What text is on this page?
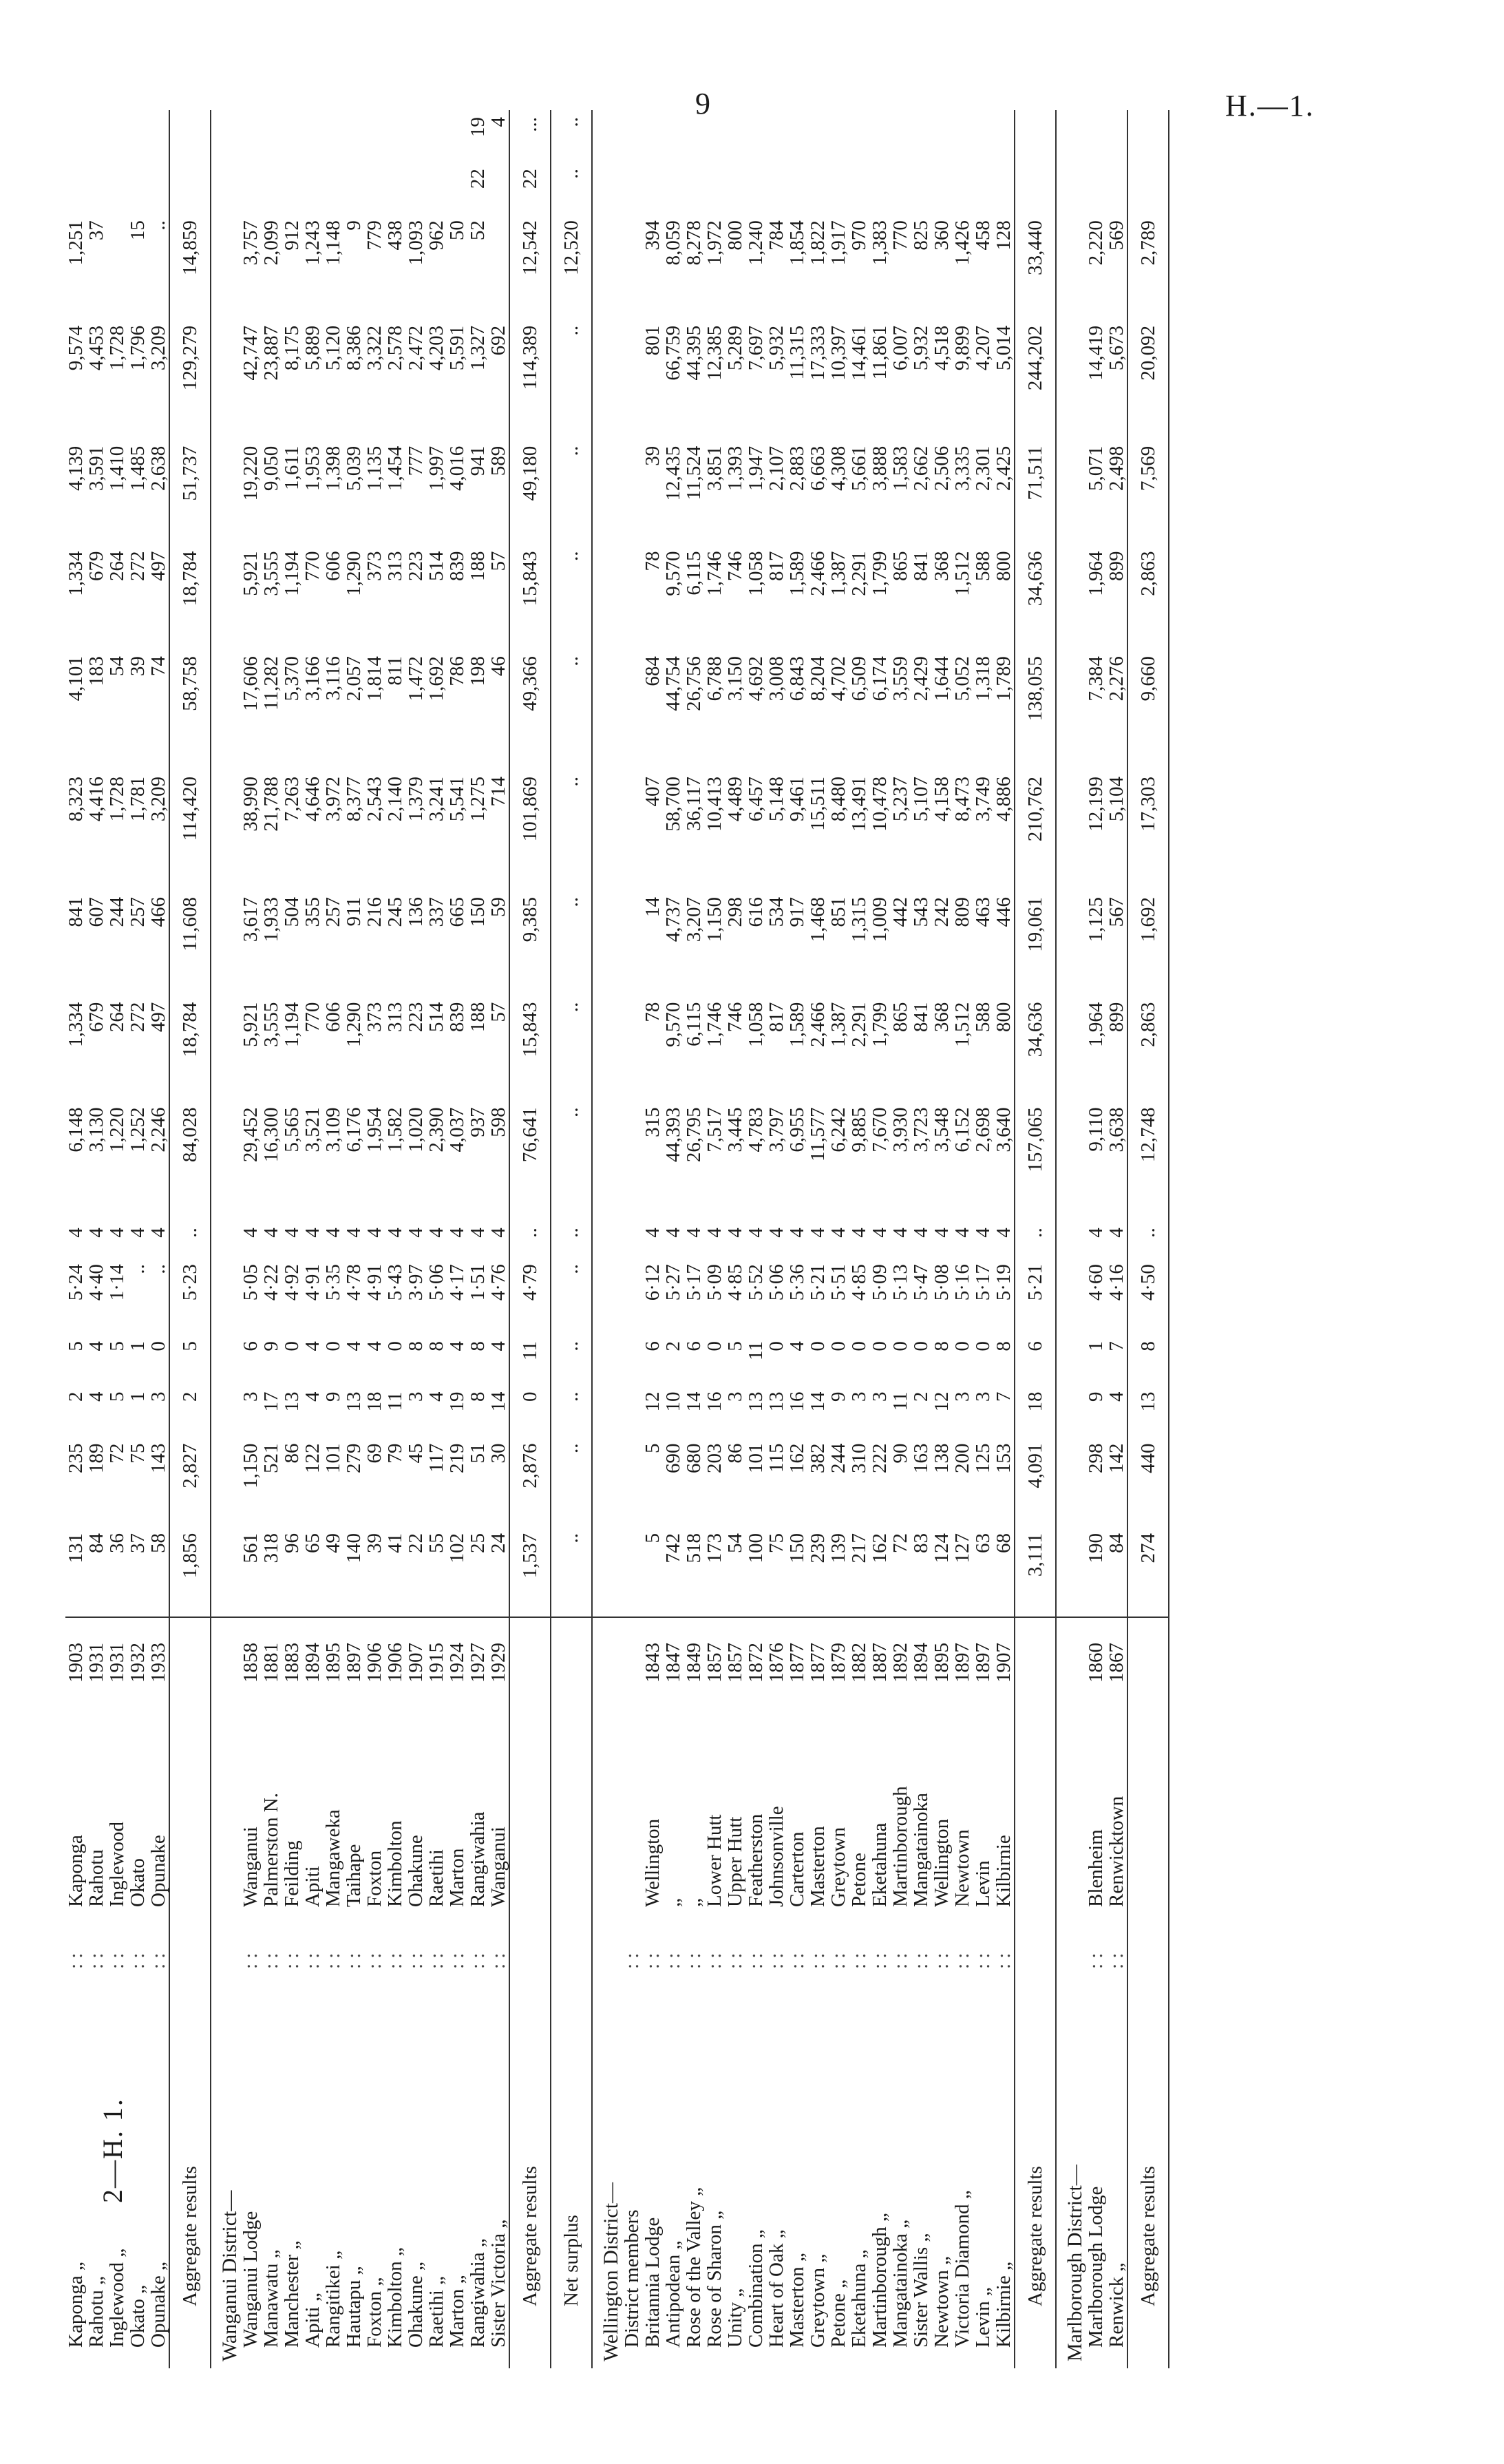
9	H.—1.
2—H. 1.
Kapongа „	: :	Kaponga	1903	131	235	2	5	5·24	4	6,148	1,334	841	8,323	4,101	1,334	4,139	9,574	1,251		
Rahotu „	: :	Rahotu	1931	84	189	4	4	4·40	4	3,130	679	607	4,416	183	679	3,591	4,453	37		
Inglewood „	: :	Inglewood	1931	36	72	5	5	1·14	4	1,220	264	244	1,728	54	264	1,410	1,728			
Okato „	: :	Okato	1932	37	75	1	1	..	4	1,252	272	257	1,781	39	272	1,485	1,796	15		
Opunake „	: :	Opunake	1933	58	143	3	0	..	4	2,246	497	466	3,209	74	497	2,638	3,209	..		
Aggregate results				1,856	2,827	2	5	5·23	..	84,028	18,784	11,608	114,420	58,758	18,784	51,737	129,279	14,859		
Wanganui District—																				
Wanganui Lodge	: :	Wanganui	1858	561	1,150	3	6	5·05	4	29,452	5,921	3,617	38,990	17,606	5,921	19,220	42,747	3,757		
Manawatu „	: :	Palmerston N.	1881	318	521	17	9	4·22	4	16,300	3,555	1,933	21,788	11,282	3,555	9,050	23,887	2,099		
Manchester „	: :	Feilding	1883	96	86	13	0	4·92	4	5,565	1,194	504	7,263	5,370	1,194	1,611	8,175	912		
Apiti „	: :	Apiti	1894	65	122	4	4	4·91	4	3,521	770	355	4,646	3,166	770	1,953	5,889	1,243		
Rangitikei „	: :	Mangaweka	1895	49	101	9	0	5·35	4	3,109	606	257	3,972	3,116	606	1,398	5,120	1,148		
Hautapu „	: :	Taihape	1897	140	279	13	4	4·78	4	6,176	1,290	911	8,377	2,057	1,290	5,039	8,386	9		
Foxton „	: :	Foxton	1906	39	69	18	4	4·91	4	1,954	373	216	2,543	1,814	373	1,135	3,322	779		
Kimbolton „	: :	Kimbolton	1906	41	79	11	0	5·43	4	1,582	313	245	2,140	811	313	1,454	2,578	438		
Ohakune „	: :	Ohakune	1907	22	45	3	8	3·97	4	1,020	223	136	1,379	1,472	223	777	2,472	1,093		
Raetihi „	: :	Raetihi	1915	55	117	4	8	5·06	4	2,390	514	337	3,241	1,692	514	1,997	4,203	962		
Marton „	: :	Marton	1924	102	219	19	4	4·17	4	4,037	839	665	5,541	786	839	4,016	5,591	50		
Rangiwahia „	: :	Rangiwahia	1927	25	51	8	8	1·51	4	937	188	150	1,275	198	188	941	1,327	52	22	19
Sister Victoria „	: :	Wanganui	1929	24	30	14	4	4·76	4	598	57	59	714	46	57	589	692			4
Aggregate results				1,537	2,876	0	11	4·79	..	76,641	15,843	9,385	101,869	49,366	15,843	49,180	114,389	12,542	22	...
Net surplus				..	..	..	..	..	..	..	..	..	..	..	..	..	..	12,520	..	..
Wellington District—																				
District members	: :																			
Britannia Lodge	: :	Wellington	1843	5	5	12	6	6·12	4	315	78	14	407	684	78	39	801	394		
Antipodean „	: :	„	1847	742	690	10	2	5·27	4	44,393	9,570	4,737	58,700	44,754	9,570	12,435	66,759	8,059		
Rose of the Valley „	: :	„	1849	518	680	14	6	5·17	4	26,795	6,115	3,207	36,117	26,756	6,115	11,524	44,395	8,278		
Rose of Sharon „	: :	Lower Hutt	1857	173	203	16	0	5·09	4	7,517	1,746	1,150	10,413	6,788	1,746	3,851	12,385	1,972		
Unity „	: :	Upper Hutt	1857	54	86	3	5	4·85	4	3,445	746	298	4,489	3,150	746	1,393	5,289	800		
Combination „	: :	Featherston	1872	100	101	13	11	5·52	4	4,783	1,058	616	6,457	4,692	1,058	1,947	7,697	1,240		
Heart of Oak „	: :	Johnsonville	1876	75	115	13	0	5·06	4	3,797	817	534	5,148	3,008	817	2,107	5,932	784		
Masterton „	: :	Carterton	1877	150	162	16	4	5·36	4	6,955	1,589	917	9,461	6,843	1,589	2,883	11,315	1,854		
Greytown „	: :	Masterton	1877	239	382	14	0	5·21	4	11,577	2,466	1,468	15,511	8,204	2,466	6,663	17,333	1,822		
Petone „	: :	Greytown	1879	139	244	9	0	5·51	4	6,242	1,387	851	8,480	4,702	1,387	4,308	10,397	1,917		
Eketahuna „	: :	Petone	1882	217	310	3	0	4·85	4	9,885	2,291	1,315	13,491	6,509	2,291	5,661	14,461	970		
Martinborough „	: :	Eketahuna	1887	162	222	3	0	5·09	4	7,670	1,799	1,009	10,478	6,174	1,799	3,888	11,861	1,383		
Mangatainoka „	: :	Martinborough	1892	72	90	11	0	5·13	4	3,930	865	442	5,237	3,559	865	1,583	6,007	770		
Sister Wallis „	: :	Mangatainoka	1894	83	163	2	0	5·47	4	3,723	841	543	5,107	2,429	841	2,662	5,932	825		
Newtown „	: :	Wellington	1895	124	138	12	8	5·08	4	3,548	368	242	4,158	1,644	368	2,506	4,518	360		
Victoria Diamond „	: :	Newtown	1897	127	200	3	0	5·16	4	6,152	1,512	809	8,473	5,052	1,512	3,335	9,899	1,426		
Levin „	: :	Levin	1897	63	125	3	0	5·17	4	2,698	588	463	3,749	1,318	588	2,301	4,207	458		
Kilbirnie „	: :	Kilbirnie	1907	68	153	7	8	5·19	4	3,640	800	446	4,886	1,789	800	2,425	5,014	128		
Aggregate results				3,111	4,091	18	6	5·21	..	157,065	34,636	19,061	210,762	138,055	34,636	71,511	244,202	33,440		
Marlborough District—																				
Marlborough Lodge	: :	Blenheim	1860	190	298	9	1	4·60	4	9,110	1,964	1,125	12,199	7,384	1,964	5,071	14,419	2,220		
Renwick „	: :	Renwicktown	1867	84	142	4	7	4·16	4	3,638	899	567	5,104	2,276	899	2,498	5,673	569		
Aggregate results				274	440	13	8	4·50	..	12,748	2,863	1,692	17,303	9,660	2,863	7,569	20,092	2,789		
